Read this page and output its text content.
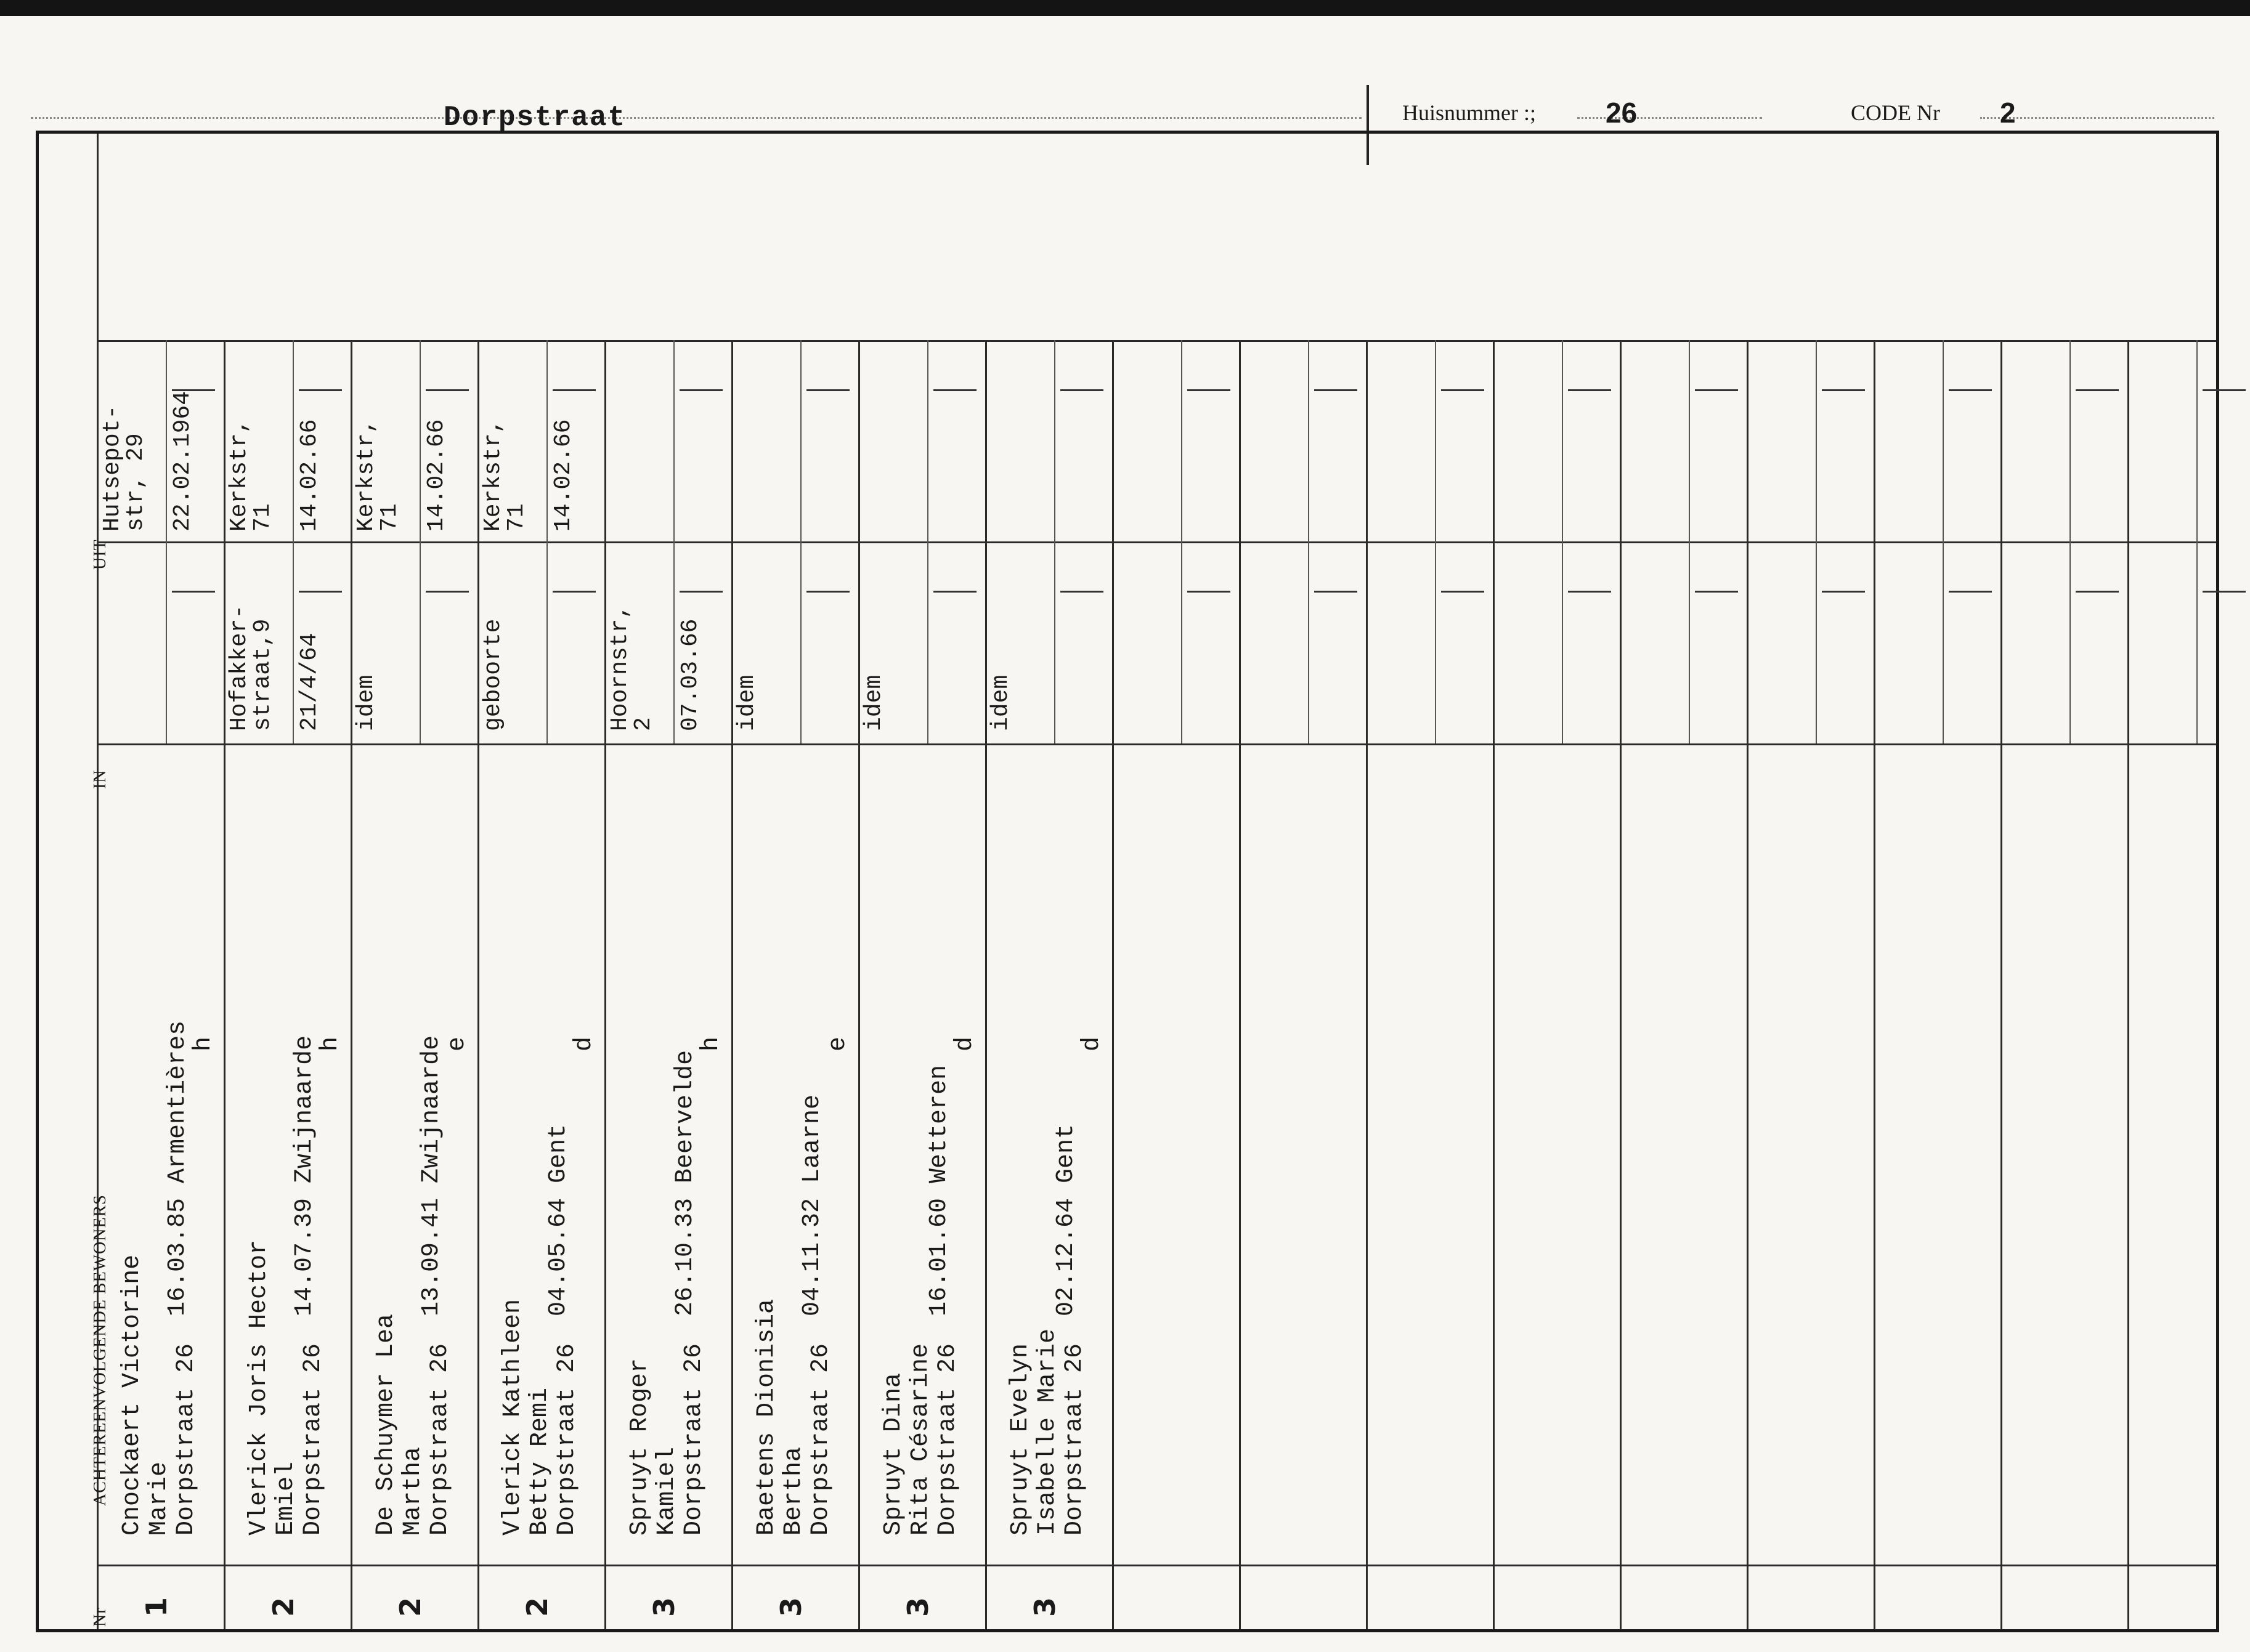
Dorpstraat	Huisnummer :; 26	CODE Nr 2
UIT
IN
ACHTEREENVOLGENDE BEWONERS
Nr
Cnockaert Victorine Marie Dorpstraat 26
16.03.85 Armentières
h
1
Hutsepot-
str, 29 22.02.1964
Vlerick Joris Hector Emiel Dorpstraat 26
14.07.39 Zwijnaarde
h
2
Hofakker-
straat,9 21/4/64
Kerkstr,
71 14.02.66
De Schuymer Lea Martha Dorpstraat 26
13.09.41 Zwijnaarde
e
2
idem
Kerkstr,
71 14.02.66
Vlerick Kathleen Betty Remi Dorpstraat 26
04.05.64 Gent
d
2
geboorte
Kerkstr,
71 14.02.66
Spruyt Roger Kamiel Dorpstraat 26
26.10.33 Beervelde
h
3
Hoornstr,
2 07.03.66
Baetens Dionisia Bertha Dorpstraat 26
04.11.32 Laarne
e
3
idem
Spruyt Dina Rita Césarine Dorpstraat 26
16.01.60 Wetteren
d
3
idem
Spruyt Evelyn Isabelle Marie Dorpstraat 26
02.12.64 Gent
d
3
idem
